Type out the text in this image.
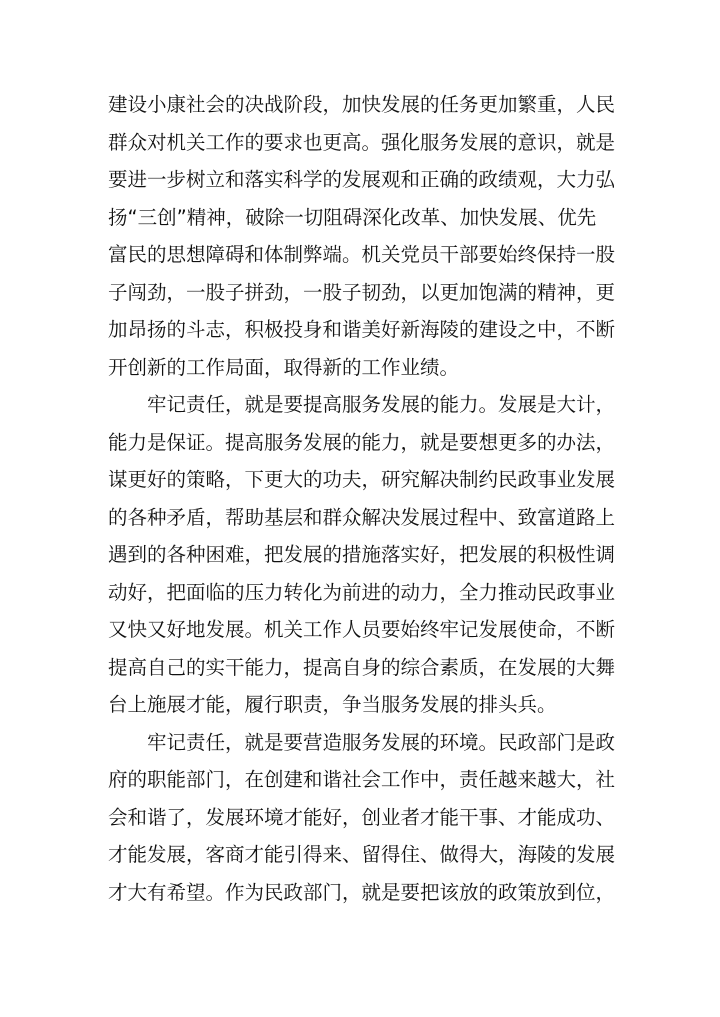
建设小康社会的决战阶段，加快发展的任务更加繁重，人民
群众对机关工作的要求也更高。强化服务发展的意识，就是
要进一步树立和落实科学的发展观和正确的政绩观，大力弘
扬“三创”精神，破除一切阻碍深化改革、加快发展、优先
富民的思想障碍和体制弊端。机关党员干部要始终保持一股
子闯劲，一股子拼劲，一股子韧劲，以更加饱满的精神，更
加昂扬的斗志，积极投身和谐美好新海陵的建设之中，不断
开创新的工作局面，取得新的工作业绩。
牢记责任，就是要提高服务发展的能力。发展是大计，
能力是保证。提高服务发展的能力，就是要想更多的办法，
谋更好的策略，下更大的功夫，研究解决制约民政事业发展
的各种矛盾，帮助基层和群众解决发展过程中、致富道路上
遇到的各种困难，把发展的措施落实好，把发展的积极性调
动好，把面临的压力转化为前进的动力，全力推动民政事业
又快又好地发展。机关工作人员要始终牢记发展使命，不断
提高自己的实干能力，提高自身的综合素质，在发展的大舞
台上施展才能，履行职责，争当服务发展的排头兵。
牢记责任，就是要营造服务发展的环境。民政部门是政
府的职能部门，在创建和谐社会工作中，责任越来越大，社
会和谐了，发展环境才能好，创业者才能干事、才能成功、
才能发展，客商才能引得来、留得住、做得大，海陵的发展
才大有希望。作为民政部门，就是要把该放的政策放到位，
